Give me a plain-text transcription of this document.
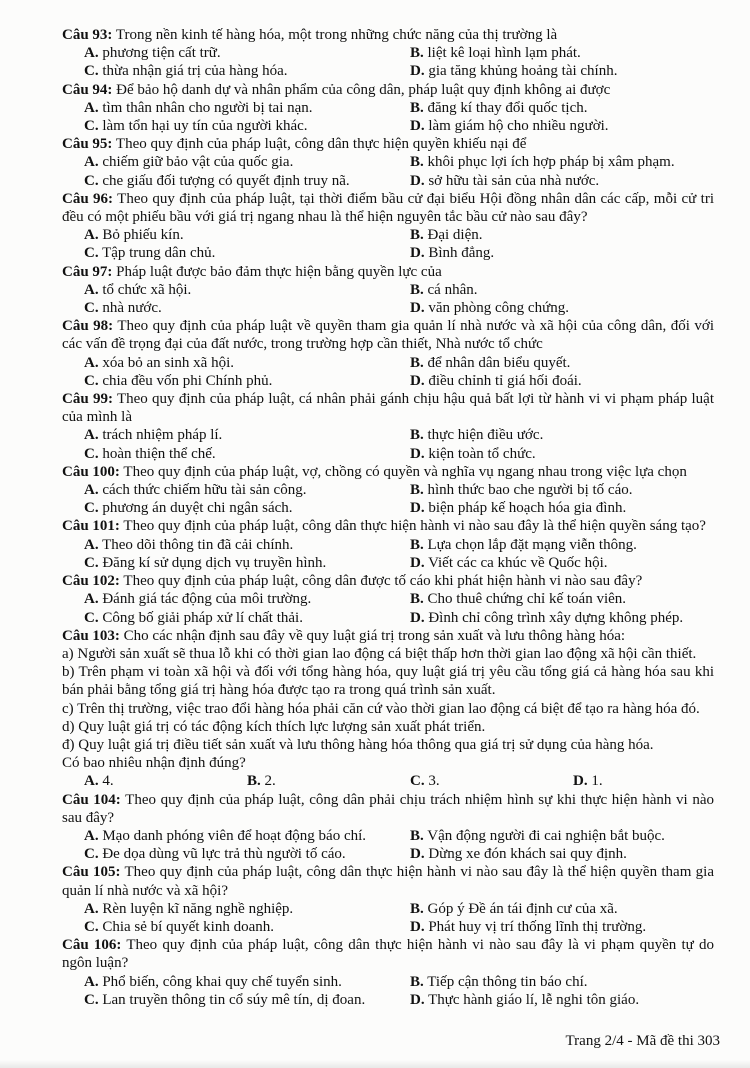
Câu 93: Trong nền kinh tế hàng hóa, một trong những chức năng của thị trường là

A. phương tiện cất trữ.	B. liệt kê loại hình lạm phát.
C. thừa nhận giá trị của hàng hóa.	D. gia tăng khủng hoảng tài chính.

Câu 94: Để bảo hộ danh dự và nhân phẩm của công dân, pháp luật quy định không ai được

A. tìm thân nhân cho người bị tai nạn.	B. đăng kí thay đổi quốc tịch.
C. làm tổn hại uy tín của người khác.	D. làm giám hộ cho nhiều người.

Câu 95: Theo quy định của pháp luật, công dân thực hiện quyền khiếu nại để

A. chiếm giữ bảo vật của quốc gia.	B. khôi phục lợi ích hợp pháp bị xâm phạm.
C. che giấu đối tượng có quyết định truy nã.	D. sở hữu tài sản của nhà nước.

Câu 96: Theo quy định của pháp luật, tại thời điểm bầu cử đại biểu Hội đồng nhân dân các cấp, mỗi cử tri đều có một phiếu bầu với giá trị ngang nhau là thể hiện nguyên tắc bầu cử nào sau đây?

A. Bỏ phiếu kín.	B. Đại diện.
C. Tập trung dân chủ.	D. Bình đẳng.

Câu 97: Pháp luật được bảo đảm thực hiện bằng quyền lực của

A. tổ chức xã hội.	B. cá nhân.
C. nhà nước.	D. văn phòng công chứng.

Câu 98: Theo quy định của pháp luật về quyền tham gia quản lí nhà nước và xã hội của công dân, đối với các vấn đề trọng đại của đất nước, trong trường hợp cần thiết, Nhà nước tổ chức

A. xóa bỏ an sinh xã hội.	B. để nhân dân biểu quyết.
C. chia đều vốn phi Chính phủ.	D. điều chỉnh tỉ giá hối đoái.

Câu 99: Theo quy định của pháp luật, cá nhân phải gánh chịu hậu quả bất lợi từ hành vi vi phạm pháp luật của mình là

A. trách nhiệm pháp lí.	B. thực hiện điều ước.
C. hoàn thiện thể chế.	D. kiện toàn tổ chức.

Câu 100: Theo quy định của pháp luật, vợ, chồng có quyền và nghĩa vụ ngang nhau trong việc lựa chọn

A. cách thức chiếm hữu tài sản công.	B. hình thức bao che người bị tố cáo.
C. phương án duyệt chi ngân sách.	D. biện pháp kế hoạch hóa gia đình.

Câu 101: Theo quy định của pháp luật, công dân thực hiện hành vi nào sau đây là thể hiện quyền sáng tạo?

A. Theo dõi thông tin đã cải chính.	B. Lựa chọn lắp đặt mạng viễn thông.
C. Đăng kí sử dụng dịch vụ truyền hình.	D. Viết các ca khúc về Quốc hội.

Câu 102: Theo quy định của pháp luật, công dân được tố cáo khi phát hiện hành vi nào sau đây?

A. Đánh giá tác động của môi trường.	B. Cho thuê chứng chỉ kế toán viên.
C. Công bố giải pháp xử lí chất thải.	D. Đình chỉ công trình xây dựng không phép.

Câu 103: Cho các nhận định sau đây về quy luật giá trị trong sản xuất và lưu thông hàng hóa:

a) Người sản xuất sẽ thua lỗ khi có thời gian lao động cá biệt thấp hơn thời gian lao động xã hội cần thiết.

b) Trên phạm vi toàn xã hội và đối với tổng hàng hóa, quy luật giá trị yêu cầu tổng giá cả hàng hóa sau khi bán phải bằng tổng giá trị hàng hóa được tạo ra trong quá trình sản xuất.

c) Trên thị trường, việc trao đổi hàng hóa phải căn cứ vào thời gian lao động cá biệt để tạo ra hàng hóa đó.

d) Quy luật giá trị có tác động kích thích lực lượng sản xuất phát triển.

đ) Quy luật giá trị điều tiết sản xuất và lưu thông hàng hóa thông qua giá trị sử dụng của hàng hóa.

Có bao nhiêu nhận định đúng?

A. 4.	B. 2.	C. 3.	D. 1.

Câu 104: Theo quy định của pháp luật, công dân phải chịu trách nhiệm hình sự khi thực hiện hành vi nào sau đây?

A. Mạo danh phóng viên để hoạt động báo chí.	B. Vận động người đi cai nghiện bắt buộc.
C. Đe dọa dùng vũ lực trả thù người tố cáo.	D. Dừng xe đón khách sai quy định.

Câu 105: Theo quy định của pháp luật, công dân thực hiện hành vi nào sau đây là thể hiện quyền tham gia quản lí nhà nước và xã hội?

A. Rèn luyện kĩ năng nghề nghiệp.	B. Góp ý Đề án tái định cư của xã.
C. Chia sẻ bí quyết kinh doanh.	D. Phát huy vị trí thống lĩnh thị trường.

Câu 106: Theo quy định của pháp luật, công dân thực hiện hành vi nào sau đây là vi phạm quyền tự do ngôn luận?

A. Phổ biến, công khai quy chế tuyển sinh.	B. Tiếp cận thông tin báo chí.
C. Lan truyền thông tin cổ súy mê tín, dị đoan.	D. Thực hành giáo lí, lễ nghi tôn giáo.
Trang 2/4 - Mã đề thi 303
